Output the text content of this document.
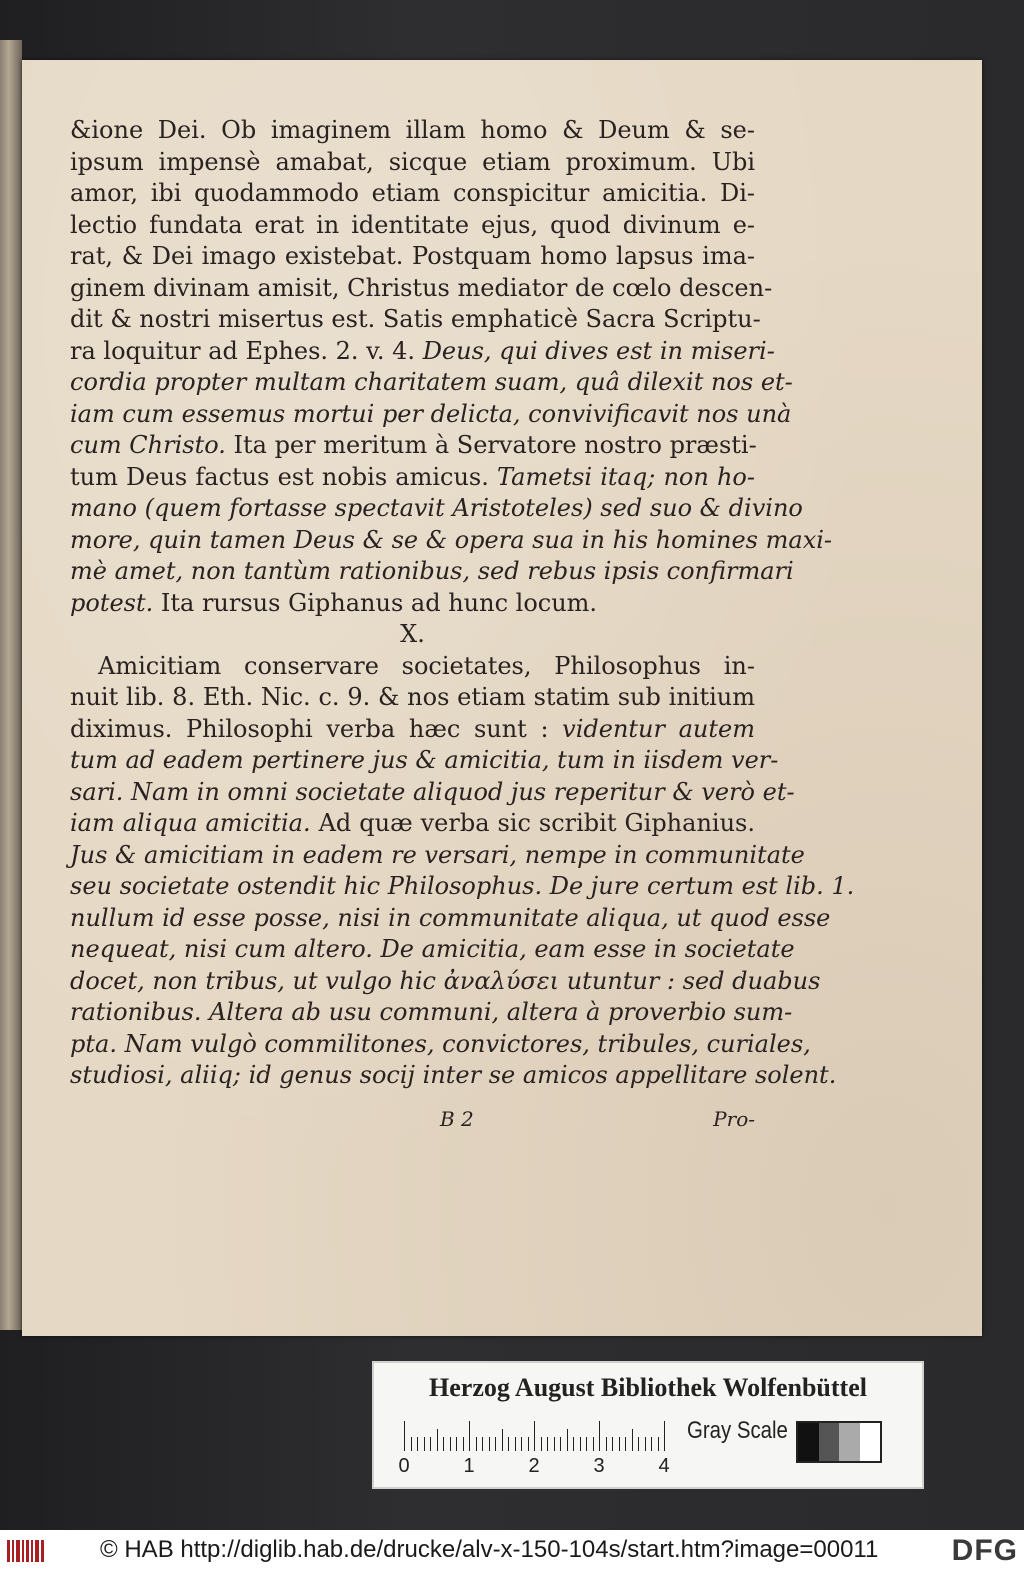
&ione Dei. Ob imaginem illam homo & Deum & se-
ipsum impensè amabat, sicque etiam proximum. Ubi
amor, ibi quodammodo etiam conspicitur amicitia. Di-
lectio fundata erat in identitate ejus, quod divinum e-
rat, & Dei imago existebat. Postquam homo lapsus ima-
ginem divinam amisit, Christus mediator de cœlo descen-
dit & nostri misertus est. Satis emphaticè Sacra Scriptu-
ra loquitur ad Ephes. 2. v. 4. Deus, qui dives est in miseri-
cordia propter multam charitatem suam, quâ dilexit nos et-
iam cum essemus mortui per delicta, convivificavit nos unà
cum Christo. Ita per meritum à Servatore nostro præsti-
tum Deus factus est nobis amicus. Tametsi itaq; non ho-
mano (quem fortasse spectavit Aristoteles) sed suo & divino
more, quin tamen Deus & se & opera sua in his homines maxi-
mè amet, non tantùm rationibus, sed rebus ipsis confirmari
potest. Ita rursus Giphanus ad hunc locum.
X.
Amicitiam conservare societates, Philosophus in-
nuit lib. 8. Eth. Nic. c. 9. & nos etiam statim sub initium
diximus. Philosophi verba hæc sunt : videntur autem
tum ad eadem pertinere jus & amicitia, tum in iisdem ver-
sari. Nam in omni societate aliquod jus reperitur & verò et-
iam aliqua amicitia. Ad quæ verba sic scribit Giphanius.
Jus & amicitiam in eadem re versari, nempe in communitate
seu societate ostendit hic Philosophus. De jure certum est lib. 1.
nullum id esse posse, nisi in communitate aliqua, ut quod esse
nequeat, nisi cum altero. De amicitia, eam esse in societate
docet, non tribus, ut vulgo hic ἀναλύσει utuntur : sed duabus
rationibus. Altera ab usu communi, altera à proverbio sum-
pta. Nam vulgò commilitones, convictores, tribules, curiales,
studiosi, aliiq; id genus socij inter se amicos appellitare solent.
B 2	Pro-
Herzog August Bibliothek Wolfenbüttel
0	1	2	3	4
Gray Scale
© HAB http://diglib.hab.de/drucke/alv-x-150-104s/start.htm?image=00011 DFG
